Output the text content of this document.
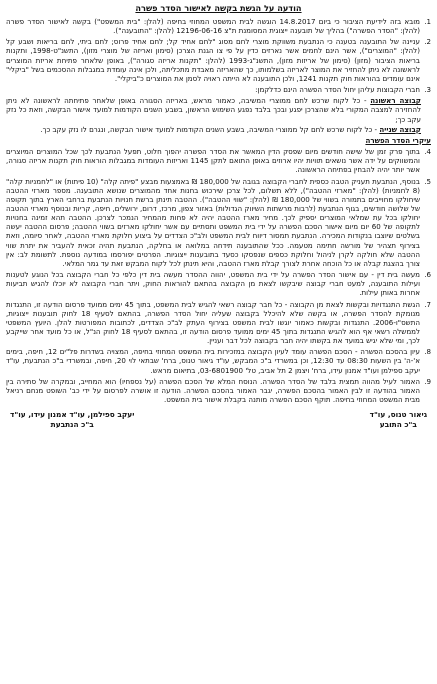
הודעה על הגשת בקשה לאישור הסדר פשרה
1.
מובא בזה לידיעת הציבור כי ביום 14.8.2017 הוגשה לבית המשפט המחוזי בחיפה (להלן: "בית המשפט") בקשה לאישור הסדר פשרה (להלן: "הסדר הפשרה") בהליך של תובענה ייצוגית המסומנת ת"צ 12196-06-16 (להלן: "התובענה").
2.
עניינה של התובענה בטענה כי הנתבעת משווקת מוצרי לחם מסוג "לחם אחיד קל; לחם אחיד פרוס; לחם ביתי, לחם בריאות ושבע קל (להלן: "המוצרים"), אשר הינם לחמים אשר נארזים כדין על פי צו הגנת הצרכן (סימון ואריזה של מוצרי מזון), התשנ"ט-1998, ותקנות בריאות הציבור (מזון) (סימון של אריזות מזון), התשנ"ג-1993 (להלן: "תקנות אריזה סגורה"), באופן שלאחר פתיחת אריזת המוצרים לראשונה לא ניתן להחזיר את המוצר לאריזה בשלמותו, כך שהאריזה מאבדת מתכליתה, ולכן אינה עומדת במגבלות ההסכמים בשל "ביקלי" אינם עומדים בהוראות חוק תקנות 1241, ולכן התובענה לא הייתה ראויה לסמן את המוצרים כ"ביקלי".
3.
חברי הקבוצות עליהן יחול הסדר הפשרה הינם כדלקמן:
קבוצה ראשונה - כל לקוח שרכש לחם ממוצרי המשיבה, כאמור מראש, באריזה הסגורה באופן שלאחר פתיחתה לראשונה לא ניתן להחזירה למצבה המקורי בלא שהצרכן יפגע ובכך בלבד נפגע השימוש הראשון, בשבע השנים הקודמות למועד אישור הבקשה, וזאת כל נזק עקב כך;
קבוצה שנייה - כל לקוח שרכש לחם קל ממוצרי המשיבה, בשבע השנים הקודמות למועד אישור הבקשה, ונגרם לו נזק עקב כך.
עיקרי הסדר הפשרה
4.
בתוך פרק זמן של שישה חודשים מיום שפסק הדין המאשר את הסדר הפשרה יהפוך חלוט, תפעל הנתבעת לכך שכל המוצרים המיוצרים והמשווקים על ידה אשר נושאים תוויות יהיו ארוזים באופן התואם לתקן 1145 ואריזות העומדות במגבלות הוראות חוק תקנות אריזה סגורה, אשר יותר יהיה להבחין בפתיחה הראשונה.
5.
בנוסף, הנתבעת תעניק הטבה כספית לחברי הקבוצה בגובה של 180,000 ₪ באמצעות מבצע "פיתה קלה" (10 פיתות) או "לחמניות קלה" (8 לחמניות) (להלן: "מארזי ההטבה"), ללא תשלום, לכל צרכן שירכוש בחנות אחד מהמוצרים שנושא התובענה. מספר מארזי ההטבה שיחולקו מחוייבים בתמורה בשווי של 180,000 ₪ (להלן: "שווי ההטבה"). ההטבה תינתן ברשת חנויות הנתבעת ברחבי הארץ בתוך תקופה של שלושה חודשים, בגוף הנתבעת (לרבות מרשתות השיווק הגדולות) באזור צפון, מרכז, דרום, ירושלים, חיפה, קריות ובנוסף מארזי ההטבה יחולקו בכל עת שמלאי המוצרים יספיק לכך. מחיר מארז ההטבה יהיה לא פחות מהמחיר הנמכר לצרכן. ההטבה תהא זמינה בחנויות לתקופה של 60 יום מיום אישור הסכם הפשרה על ידי בית המשפט ותסתיים עם אשר יחולקו מארזים בשווי ההטבה; פרסום ההטבה יעשה בשלטים שיוצבו בנקודות המכירה. הנתבעת תמסור דיווח לבית המשפט ולב"כ הצדדים על ביצוע חלוקת מארזי ההטבה, לאחר סיומה, וזאת בצירוף תצהיר של מורשה חתימה מטעמה. ככל שהתובענה תידחה במלואה או בחלקה, הנתבעת תהיה זכאית להעביר את יתרת שווי ההטבה שלא חולקה לקרן לניהול וחלוקת כספים שנפסקו כסעד בתובענות ייצוגיות. הפרטים יפורסמו במודעה נוספת. לתשומת לב: אין צורך בהצגת קבלה או כל הוכחה אחרת לצורך קבלת מארז ההטבה, והיא תינתן לכל לקוח המבקש זאת עד גמר המלאי.
6.
מעשה בית דין - עם אישור הסדר הפשרה על ידי בית המשפט, יהווה ההסדר מעשה בית דין כלפי כל חברי הקבוצה בכל הנוגע לטענות ועילות התובענה, למעט חברי קבוצה שיבקשו לצאת מן הקבוצה בהתאם להוראות החוק, ויתר חברי הקבוצה לא יוכלו להגיש תביעות אחרות באותן עילות.
7.
הגשת התנגדויות ובקשות לצאת מן הקבוצה - כל חבר קבוצה רשאי להגיש לבית המשפט, בתוך 45 ימים ממועד פרסום הודעה זו, התנגדות מנומקת להסדר הפשרה, או בקשה שלא להיכלל בקבוצה שעליה יחול הסדר הפשרה, בהתאם לסעיף 18 לחוק תובענות ייצוגיות, התשס"ו-2006. התנגדות ובקשות כאמור יוגשו לבית המשפט בצירוף העתק לב"כ הצדדים, לכתובות המפורטות להלן. היועץ המשפטי לממשלה רשאי אף הוא להגיש התנגדות בתוך 45 ימים ממועד פרסום הודעה זו, בהתאם לסעיף 18 לחוק הנ"ל, או כל מועד אחר שייקבע לכך, ומי שלא יגיש במועד את בקשתו יהיה חבר בקבוצה לכל דבר ועניין.
8.
עיון בהסכם הפשרה - הסכם הפשרה עומד לעיון הקבוצה במזכירות בית המשפט המחוזי בחיפה, המצויה בשדרות פל"ים 12, חיפה, בימים א'-ה' בין השעות 08:30 עד 12:30, וכן במשרדי ב"כ המבקש, עו"ד גיאור טנוס, ברח' שבתאי לוי 20, חיפה, ובמשרדי ב"כ הנתבעת, עו"ד יעקב ספילמן ועו"ד אמנון עידו, ברח' ויצמן 2 תל אביב, טל' 03-6801900, בתיאום מראש.
9.
האמור לעיל מהווה תמצית בלבד של הסדר הפשרה. הנוסח המלא של הסכם הפשרה (על נספחיו) הוא המחייב, ובמקרה של סתירה בין האמור בהודעה זו לבין האמור בהסכם הפשרה, יגבר האמור בהסכם הפשרה. הודעה זו אושרה לפרסום על ידי כב' השופט מנחם רניאל מבית המשפט המחוזי בחיפה. תוקף הסכם הפשרה מותנה בקבלת אישור בית המשפט.
גיאור טנוס, עו"ד
ב"כ התובע
יעקב ספילמן, עו"ד אמנון עידו, עו"ד
ב"כ הנתבעת
